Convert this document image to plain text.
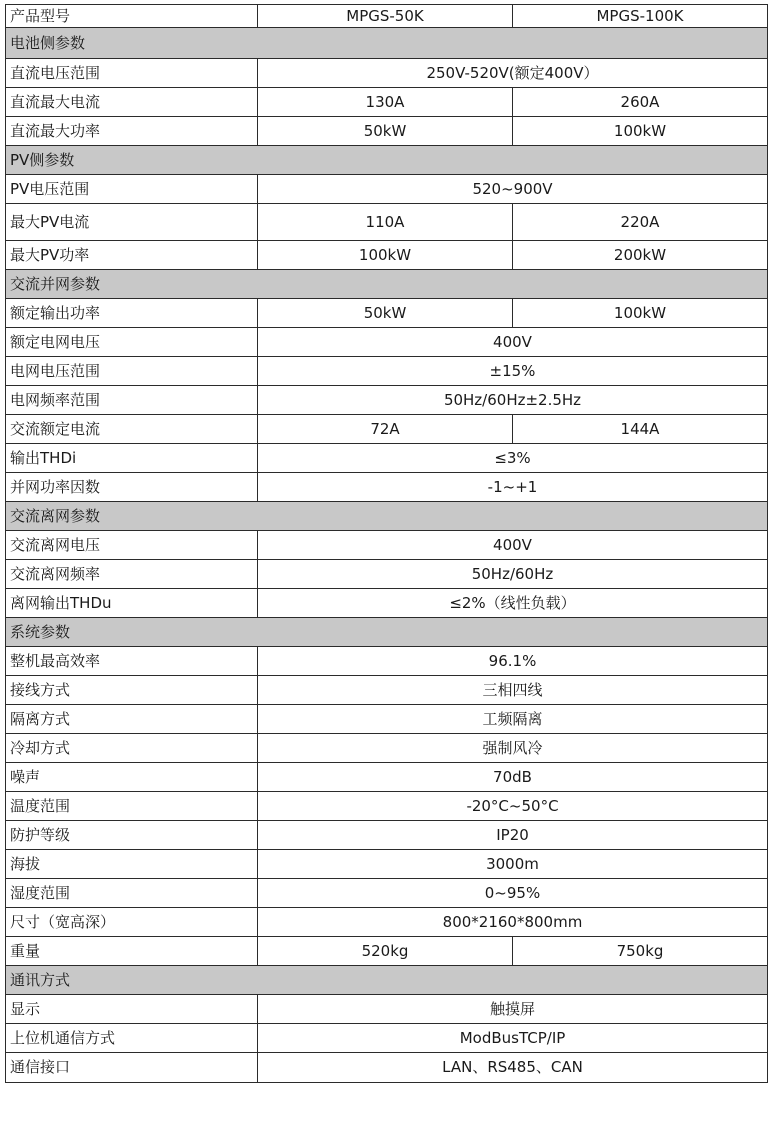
产品型号	MPGS-50K	MPGS-100K
电池侧参数		
直流电压范围	250V-520V(额定400V）	
直流最大电流	130A	260A
直流最大功率	50kW	100kW
PV侧参数		
PV电压范围	520~900V	
最大PV电流	110A	220A
最大PV功率	100kW	200kW
交流并网参数		
额定输出功率	50kW	100kW
额定电网电压	400V	
电网电压范围	±15%	
电网频率范围	50Hz/60Hz±2.5Hz	
交流额定电流	72A	144A
输出THDi	≤3%	
并网功率因数	-1~+1	
交流离网参数		
交流离网电压	400V	
交流离网频率	50Hz/60Hz	
离网输出THDu	≤2%（线性负载）	
系统参数		
整机最高效率	96.1%	
接线方式	三相四线	
隔离方式	工频隔离	
冷却方式	强制风冷	
噪声	70dB	
温度范围	-20°C~50°C	
防护等级	IP20	
海拔	3000m	
湿度范围	0~95%	
尺寸（宽高深）	800*2160*800mm	
重量	520kg	750kg
通讯方式		
显示	触摸屏	
上位机通信方式	ModBusTCP/IP	
通信接口	LAN、RS485、CAN	
